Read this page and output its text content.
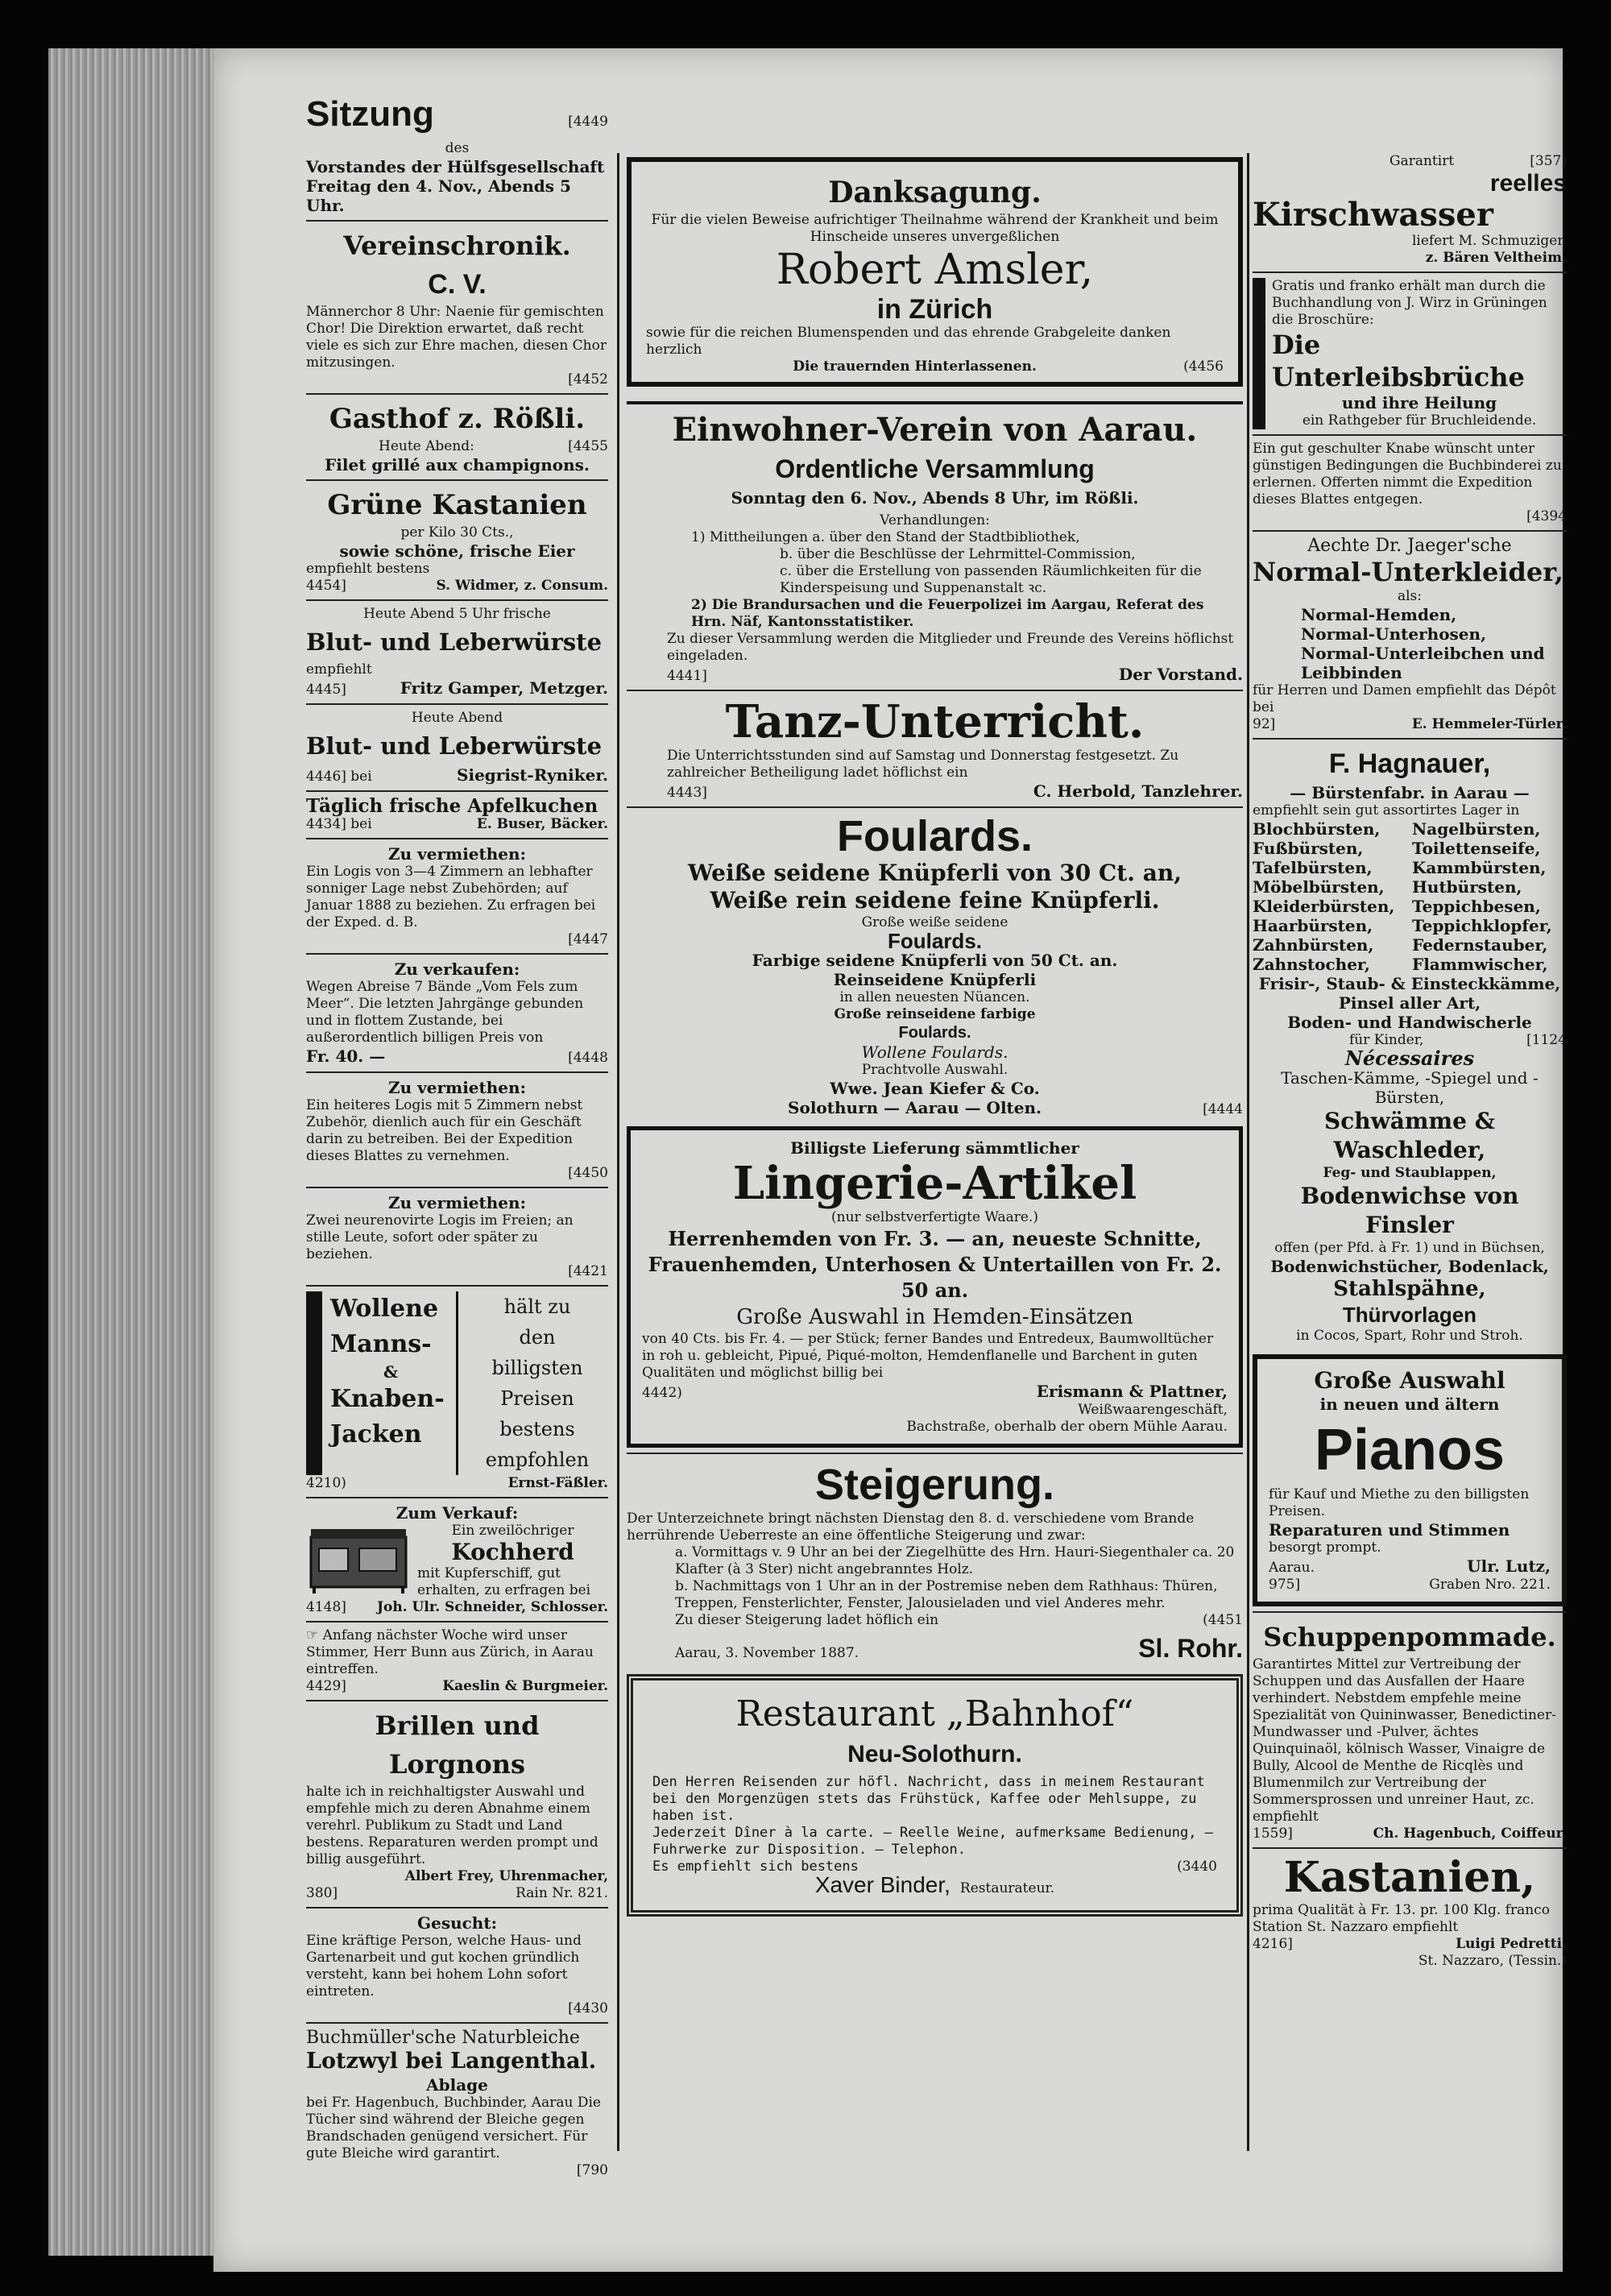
Sitzung	[4449

des

Vorstandes der Hülfsgesellschaft

Freitag den 4. Nov., Abends 5 Uhr.

Vereinschronik.

C. V.

Männerchor 8 Uhr: Naenie für gemischten Chor! Die Direktion erwartet, daß recht viele es sich zur Ehre machen, diesen Chor mitzusingen.

[4452

Gasthof z. Rößli.

Heute Abend:	[4455

Filet grillé aux champignons.

Grüne Kastanien

per Kilo 30 Cts.,

sowie schöne, frische Eier

empfiehlt bestens

4454]	S. Widmer, z. Consum.

Heute Abend 5 Uhr frische

Blut- und Leberwürste

empfiehlt

4445]	Fritz Gamper, Metzger.

Heute Abend

Blut- und Leberwürste

4446] bei	Siegrist-Ryniker.

Täglich frische Apfelkuchen

4434] bei	E. Buser, Bäcker.

Zu vermiethen:

Ein Logis von 3—4 Zimmern an lebhafter sonniger Lage nebst Zubehörden; auf Januar 1888 zu beziehen. Zu erfragen bei der Exped. d. B.

[4447

Zu verkaufen:

Wegen Abreise 7 Bände „Vom Fels zum Meer“. Die letzten Jahrgänge gebunden und in flottem Zustande, bei außerordentlich billigen Preis von

Fr. 40. —	[4448

Zu vermiethen:

Ein heiteres Logis mit 5 Zimmern nebst Zubehör, dienlich auch für ein Geschäft darin zu betreiben. Bei der Expedition dieses Blattes zu vernehmen.

[4450

Zu vermiethen:

Zwei neurenovirte Logis im Freien; an stille Leute, sofort oder später zu beziehen.

[4421

Wollene

Manns-

&

Knaben-

Jacken

hält zu

den

billigsten

Preisen

bestens

empfohlen

4210)	Ernst-Fäßler.

Zum Verkauf:

Ein zweilöchriger

Kochherd

mit Kupferschiff, gut erhalten, zu erfragen bei

4148] Joh. Ulr. Schneider, Schlosser.

☞ Anfang nächster Woche wird unser Stimmer, Herr Bunn aus Zürich, in Aarau eintreffen.

4429]	Kaeslin & Burgmeier.

Brillen und Lorgnons

halte ich in reichhaltigster Auswahl und empfehle mich zu deren Abnahme einem verehrl. Publikum zu Stadt und Land bestens. Reparaturen werden prompt und billig ausgeführt.

Albert Frey, Uhrenmacher,

380]	Rain Nr. 821.

Gesucht:

Eine kräftige Person, welche Haus- und Gartenarbeit und gut kochen gründlich versteht, kann bei hohem Lohn sofort eintreten.

[4430

Buchmüller'sche Naturbleiche

Lotzwyl bei Langenthal.

Ablage

bei Fr. Hagenbuch, Buchbinder, Aarau Die Tücher sind während der Bleiche gegen Brandschaden genügend versichert. Für gute Bleiche wird garantirt.

[790

Danksagung.

Für die vielen Beweise aufrichtiger Theilnahme während der Krankheit und beim Hinscheide unseres unvergeßlichen

Robert Amsler,

in Zürich

sowie für die reichen Blumenspenden und das ehrende Grabgeleite danken herzlich

Die trauernden Hinterlassenen.	(4456

Einwohner-Verein von Aarau.

Ordentliche Versammlung

Sonntag den 6. Nov., Abends 8 Uhr, im Rößli.

Verhandlungen:

1) Mittheilungen a. über den Stand der Stadtbibliothek,

b. über die Beschlüsse der Lehrmittel-Commission,

c. über die Erstellung von passenden Räumlichkeiten für die Kinderspeisung und Suppenanstalt ꝛc.

2) Die Brandursachen und die Feuerpolizei im Aargau, Referat des Hrn. Näf, Kantonsstatistiker.

Zu dieser Versammlung werden die Mitglieder und Freunde des Vereins höflichst eingeladen.

4441]	Der Vorstand.

Tanz-Unterricht.

Die Unterrichtsstunden sind auf Samstag und Donnerstag festgesetzt. Zu zahlreicher Betheiligung ladet höflichst ein

4443]	C. Herbold, Tanzlehrer.

Foulards.

Weiße seidene Knüpferli von 30 Ct. an,

Weiße rein seidene feine Knüpferli.

Große weiße seidene

Foulards.

Farbige seidene Knüpferli von 50 Ct. an.

Reinseidene Knüpferli

in allen neuesten Nüancen.

Große reinseidene farbige

Foulards.

Wollene Foulards.

Prachtvolle Auswahl.

Wwe. Jean Kiefer & Co.

Solothurn — Aarau — Olten.	[4444

Billigste Lieferung sämmtlicher

Lingerie-Artikel

(nur selbstverfertigte Waare.)

Herrenhemden von Fr. 3. — an, neueste Schnitte,

Frauenhemden, Unterhosen & Untertaillen von Fr. 2. 50 an.

Große Auswahl in Hemden-Einsätzen

von 40 Cts. bis Fr. 4. — per Stück; ferner Bandes und Entredeux, Baumwolltücher in roh u. gebleicht, Pipué, Piqué-molton, Hemdenflanelle und Barchent in guten Qualitäten und möglichst billig bei

4442)	Erismann & Plattner,

Weißwaarengeschäft,

Bachstraße, oberhalb der obern Mühle Aarau.

Steigerung.

Der Unterzeichnete bringt nächsten Dienstag den 8. d. verschiedene vom Brande herrührende Ueberreste an eine öffentliche Steigerung und zwar:

a. Vormittags v. 9 Uhr an bei der Ziegelhütte des Hrn. Hauri-Siegenthaler ca. 20 Klafter (à 3 Ster) nicht angebranntes Holz.

b. Nachmittags von 1 Uhr an in der Postremise neben dem Rathhaus: Thüren, Treppen, Fensterlichter, Fenster, Jalousieladen und viel Anderes mehr.

Zu dieser Steigerung ladet höflich ein	(4451
Aarau, 3. November 1887.	Sl. Rohr.

Restaurant „Bahnhof“

Neu-Solothurn.

Den Herren Reisenden zur höfl. Nachricht, dass in meinem Restaurant bei den Morgenzügen stets das Frühstück, Kaffee oder Mehlsuppe, zu haben ist.

Jederzeit Dîner à la carte. — Reelle Weine, aufmerksame Bedienung, — Fuhrwerke zur Disposition. — Telephon.

Es empfiehlt sich bestens	(3440
Xaver Binder, Restaurateur.
Garantirt	[357]

reelles

Kirschwasser

liefert M. Schmuziger.

z. Bären Veltheim.

Gratis und franko erhält man durch die Buchhandlung von J. Wirz in Grüningen die Broschüre:

Die Unterleibsbrüche

und ihre Heilung

ein Rathgeber für Bruchleidende.

Ein gut geschulter Knabe wünscht unter günstigen Bedingungen die Buchbinderei zu erlernen. Offerten nimmt die Expedition dieses Blattes entgegen.

[4394

Aechte Dr. Jaeger'sche

Normal-Unterkleider,

als:

Normal-Hemden,

Normal-Unterhosen,

Normal-Unterleibchen und

Leibbinden

für Herren und Damen empfiehlt das Dépôt bei

92]	E. Hemmeler-Türler.

F. Hagnauer,

— Bürstenfabr. in Aarau —

empfiehlt sein gut assortirtes Lager in

Blochbürsten,	Nagelbürsten,
Fußbürsten,	Toilettenseife,
Tafelbürsten,	Kammbürsten,
Möbelbürsten,	Hutbürsten,
Kleiderbürsten,	Teppichbesen,
Haarbürsten,	Teppichklopfer,
Zahnbürsten,	Federnstauber,
Zahnstocher,	Flammwischer,

Frisir-, Staub- & Einsteckkämme,

Pinsel aller Art,

Boden- und Handwischerle

für Kinder,	[1124

Nécessaires

Taschen-Kämme, -Spiegel und -Bürsten,

Schwämme & Waschleder,

Feg- und Staublappen,

Bodenwichse von Finsler

offen (per Pfd. à Fr. 1) und in Büchsen,

Bodenwichstücher, Bodenlack,

Stahlspähne,

Thürvorlagen

in Cocos, Spart, Rohr und Stroh.

Große Auswahl

in neuen und ältern

Pianos

für Kauf und Miethe zu den billigsten Preisen.

Reparaturen und Stimmen

besorgt prompt.

Aarau.	Ulr. Lutz,
975]	Graben Nro. 221.

Schuppenpommade.

Garantirtes Mittel zur Vertreibung der Schuppen und das Ausfallen der Haare verhindert. Nebstdem empfehle meine Spezialität von Quininwasser, Benedictiner-Mundwasser und -Pulver, ächtes Quinquinaöl, kölnisch Wasser, Vinaigre de Bully, Alcool de Menthe de Ricqlès und Blumenmilch zur Vertreibung der Sommersprossen und unreiner Haut, zc. empfiehlt

1559]	Ch. Hagenbuch, Coiffeur.

Kastanien,

prima Qualität à Fr. 13. pr. 100 Klg. franco Station St. Nazzaro empfiehlt

4216]	Luigi Pedretti,

St. Nazzaro, (Tessin.)
